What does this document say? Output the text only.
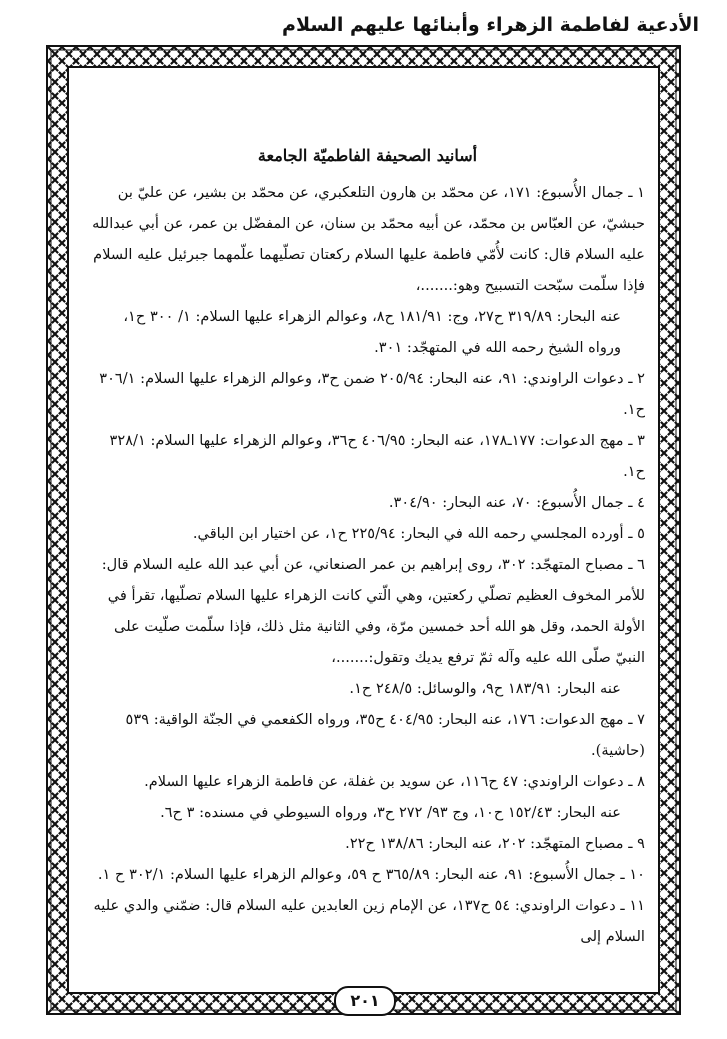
الأدعية لفاطمة الزهراء وأبنائها عليهم السلام
أسانيد الصحيفة الفاطميّة الجامعة
١ ـ جمال الأُسبوع: ١٧١، عن محمّد بن هارون التلعكبري، عن محمّد بن بشير، عن عليّ بن حبشيّ، عن العبّاس بن محمّد، عن أبيه محمّد بن سنان، عن المفضّل بن عمر، عن أبي عبدالله عليه السلام قال: كانت لأُمّي فاطمة عليها السلام ركعتان تصلّيهما علّمهما جبرئيل عليه السلام فإذا سلّمت سبّحت التسبيح وهو:.......،
عنه البحار: ٣١٩/٨٩ ح٢٧، وج: ١٨١/٩١ ح٨، وعوالم الزهراء عليها السلام: ١/ ٣٠٠ ح١، ورواه الشيخ رحمه الله في المتهجّد: ٣٠١.
٢ ـ دعوات الراوندي: ٩١، عنه البحار: ٢٠٥/٩٤ ضمن ح٣، وعوالم الزهراء عليها السلام: ٣٠٦/١ ح١.
٣ ـ مهج الدعوات: ١٧٧ـ١٧٨، عنه البحار: ٤٠٦/٩٥ ح٣٦، وعوالم الزهراء عليها السلام: ٣٢٨/١ ح١.
٤ ـ جمال الأُسبوع: ٧٠، عنه البحار: ٣٠٤/٩٠.
٥ ـ أورده المجلسي رحمه الله في البحار: ٢٢٥/٩٤ ح١، عن اختيار ابن الباقي.
٦ ـ مصباح المتهجّد: ٣٠٢، روى إبراهيم بن عمر الصنعاني، عن أبي عبد الله عليه السلام قال: للأمر المخوف العظيم تصلّي ركعتين، وهي الّتي كانت الزهراء عليها السلام تصلّيها، تقرأ في الأولة الحمد، وقل هو الله أحد خمسين مرّة، وفي الثانية مثل ذلك، فإذا سلّمت صلّيت على النبيّ صلّى الله عليه وآله ثمّ ترفع يديك وتقول:.......،
عنه البحار: ١٨٣/٩١ ح٩، والوسائل: ٢٤٨/٥ ح١.
٧ ـ مهج الدعوات: ١٧٦، عنه البحار: ٤٠٤/٩٥ ح٣٥، ورواه الكفعمي في الجنّة الواقية: ٥٣٩ (حاشية).
٨ ـ دعوات الراوندي: ٤٧ ح١١٦، عن سويد بن غفلة، عن فاطمة الزهراء عليها السلام.
عنه البحار: ١٥٢/٤٣ ح١٠، وج ٩٣/ ٢٧٢ ح٣، ورواه السيوطي في مسنده: ٣ ح٦.
٩ ـ مصباح المتهجّد: ٢٠٢، عنه البحار: ١٣٨/٨٦ ح٢٢.
١٠ ـ جمال الأُسبوع: ٩١، عنه البحار: ٣٦٥/٨٩ ح ٥٩، وعوالم الزهراء عليها السلام: ٣٠٢/١ ح ١.
١١ ـ دعوات الراوندي: ٥٤ ح١٣٧، عن الإمام زين العابدين عليه السلام قال: ضمّني والدي عليه السلام إلى
٢٠١
